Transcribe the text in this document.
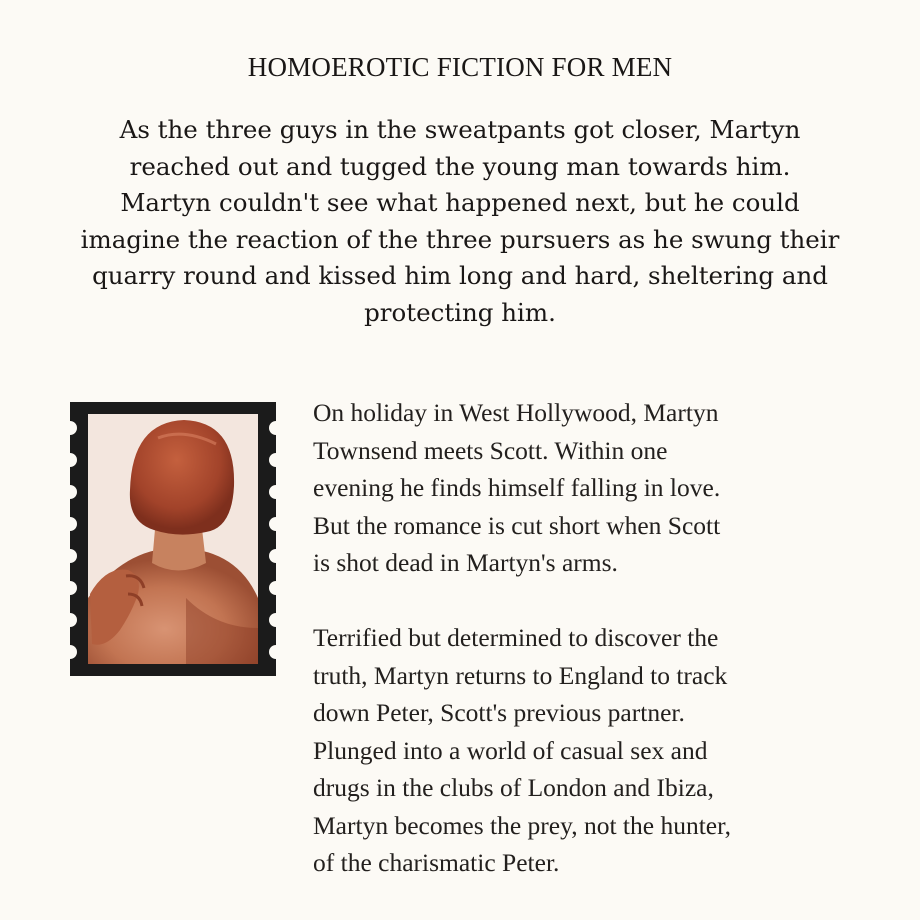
HOMOEROTIC FICTION FOR MEN
As the three guys in the sweatpants got closer, Martyn
reached out and tugged the young man towards him.
Martyn couldn't see what happened next, but he could
imagine the reaction of the three pursuers as he swung their
quarry round and kissed him long and hard, sheltering and
protecting him.
On holiday in West Hollywood, Martyn
Townsend meets Scott. Within one
evening he finds himself falling in love.
But the romance is cut short when Scott
is shot dead in Martyn's arms.
Terrified but determined to discover the
truth, Martyn returns to England to track
down Peter, Scott's previous partner.
Plunged into a world of casual sex and
drugs in the clubs of London and Ibiza,
Martyn becomes the prey, not the hunter,
of the charismatic Peter.
